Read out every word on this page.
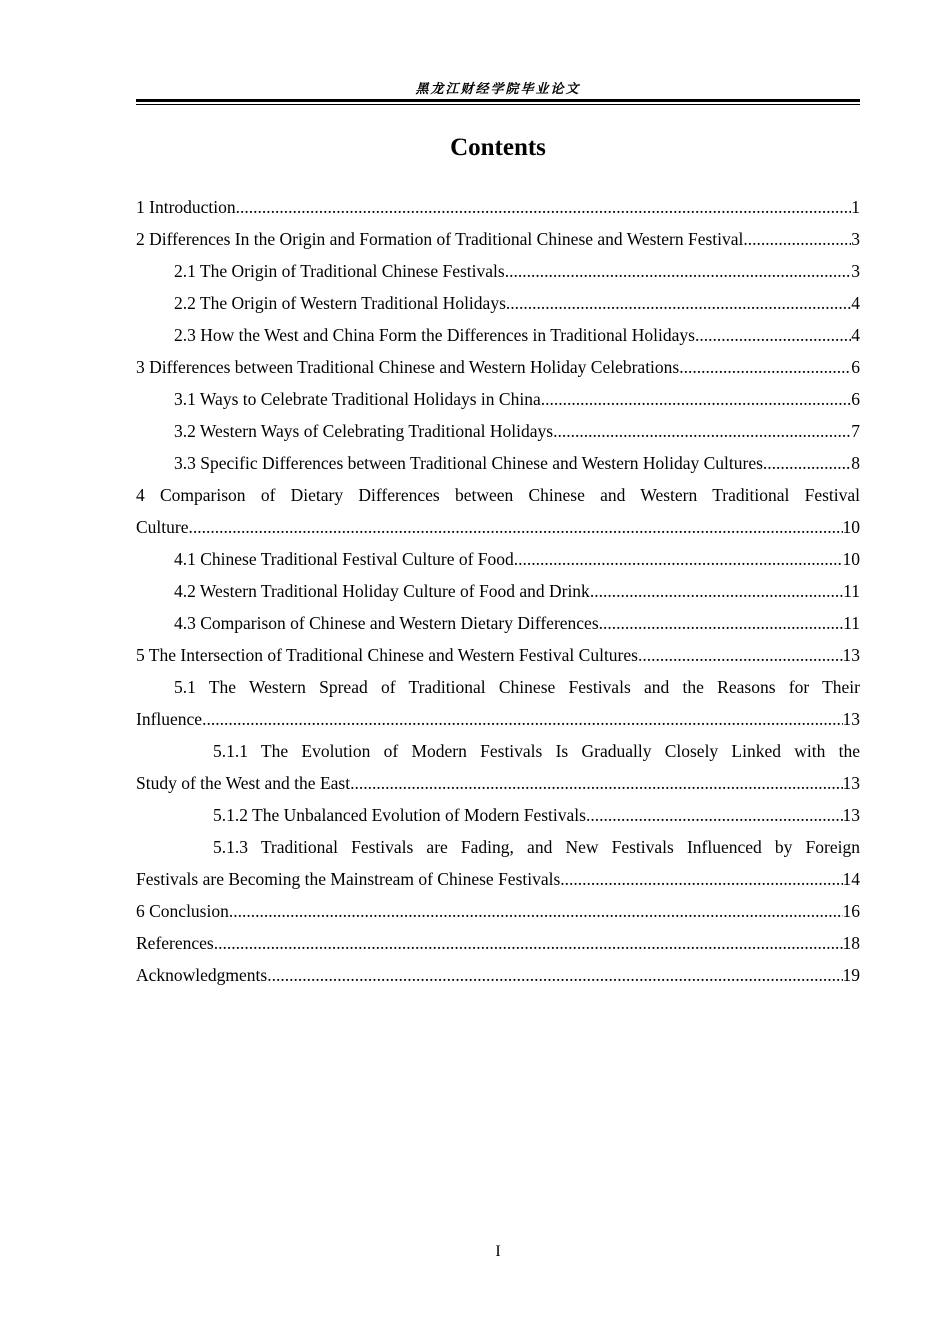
黑龙江财经学院毕业论文
Contents
1 Introduction .....	1
2 Differences In the Origin and Formation of Traditional Chinese and Western Festival .....	3
2.1 The Origin of Traditional Chinese Festivals .....	3
2.2 The Origin of Western Traditional Holidays .....	4
2.3 How the West and China Form the Differences in Traditional Holidays .....	4
3 Differences between Traditional Chinese and Western Holiday Celebrations .....	6
3.1 Ways to Celebrate Traditional Holidays in China .....	6
3.2 Western Ways of Celebrating Traditional Holidays .....	7
3.3 Specific Differences between Traditional Chinese and Western Holiday Cultures .....	8
4 Comparison of Dietary Differences between Chinese and Western Traditional Festival
Culture .....	10
4.1 Chinese Traditional Festival Culture of Food .....	10
4.2 Western Traditional Holiday Culture of Food and Drink .....	11
4.3 Comparison of Chinese and Western Dietary Differences .....	11
5 The Intersection of Traditional Chinese and Western Festival Cultures .....	13
5.1 The Western Spread of Traditional Chinese Festivals and the Reasons for Their
Influence .....	13
5.1.1 The Evolution of Modern Festivals Is Gradually Closely Linked with the
Study of the West and the East .....	13
5.1.2 The Unbalanced Evolution of Modern Festivals .....	13
5.1.3 Traditional Festivals are Fading, and New Festivals Influenced by Foreign
Festivals are Becoming the Mainstream of Chinese Festivals .....	14
6 Conclusion .....	16
References .....	18
Acknowledgments .....	19
I
